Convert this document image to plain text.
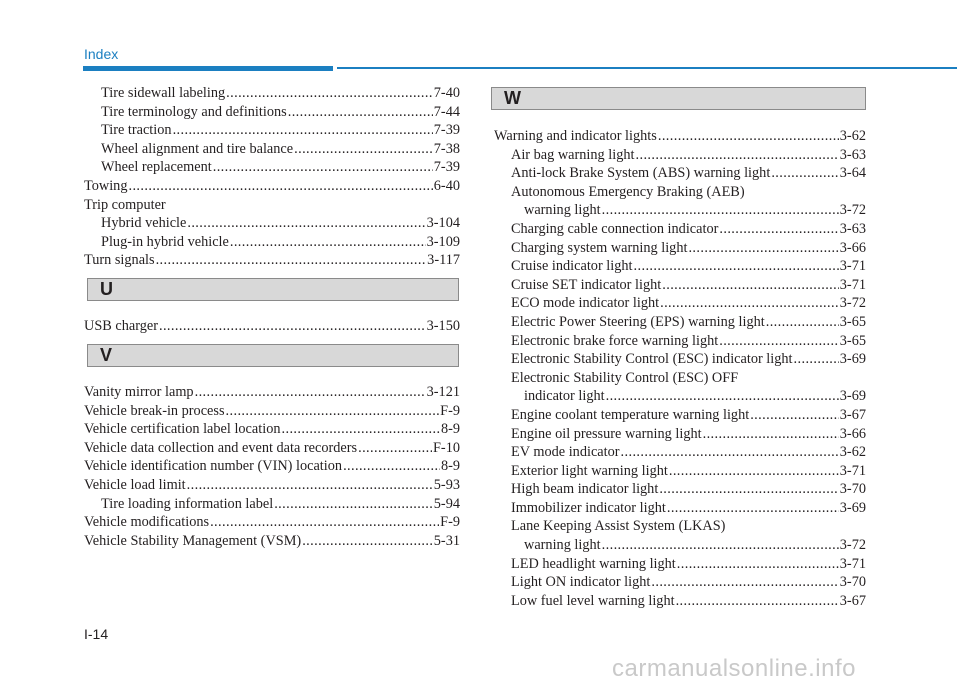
Index
Tire sidewall labeling .....	7-40
Tire terminology and definitions .....	7-44
Tire traction .....	7-39
Wheel alignment and tire balance .....	7-38
Wheel replacement .....	7-39
Towing .....	6-40
Trip computer
Hybrid vehicle .....	3-104
Plug-in hybrid vehicle .....	3-109
Turn signals .....	3-117
U
USB charger .....	3-150
V
Vanity mirror lamp .....	3-121
Vehicle break-in process .....	F-9
Vehicle certification label location .....	8-9
Vehicle data collection and event data recorders .....	F-10
Vehicle identification number (VIN) location .....	8-9
Vehicle load limit .....	5-93
Tire loading information label .....	5-94
Vehicle modifications .....	F-9
Vehicle Stability Management (VSM) .....	5-31
W
Warning and indicator lights .....	3-62
Air bag warning light .....	3-63
Anti-lock Brake System (ABS) warning light .....	3-64
Autonomous Emergency Braking (AEB)
warning light .....	3-72
Charging cable connection indicator .....	3-63
Charging system warning light .....	3-66
Cruise indicator light .....	3-71
Cruise SET indicator light .....	3-71
ECO mode indicator light .....	3-72
Electric Power Steering (EPS) warning light .....	3-65
Electronic brake force warning light .....	3-65
Electronic Stability Control (ESC) indicator light .....	3-69
Electronic Stability Control (ESC) OFF
indicator light .....	3-69
Engine coolant temperature warning light .....	3-67
Engine oil pressure warning light .....	3-66
EV mode indicator .....	3-62
Exterior light warning light .....	3-71
High beam indicator light .....	3-70
Immobilizer indicator light .....	3-69
Lane Keeping Assist System (LKAS)
warning light .....	3-72
LED headlight warning light .....	3-71
Light ON indicator light .....	3-70
Low fuel level warning light .....	3-67
I-14
carmanualsonline.info
